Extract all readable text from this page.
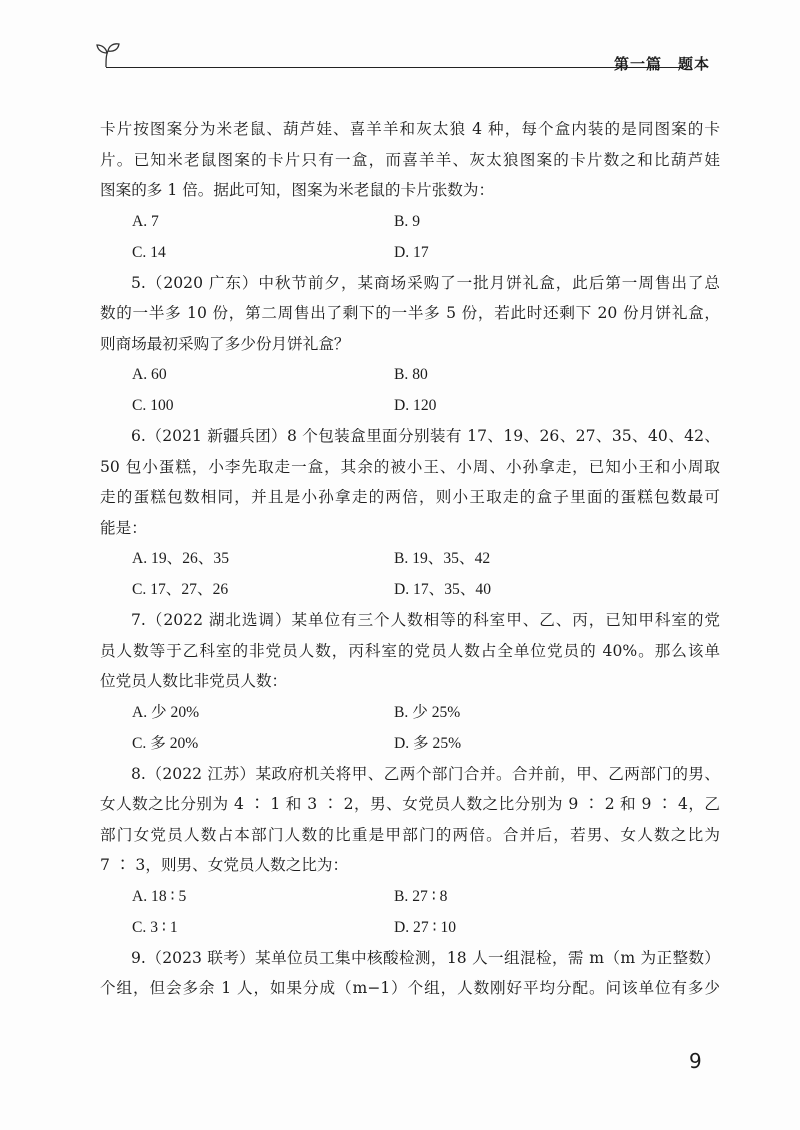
第一篇　题本

卡片按图案分为米老鼠、葫芦娃、喜羊羊和灰太狼 4 种，每个盒内装的是同图案的卡

片。已知米老鼠图案的卡片只有一盒，而喜羊羊、灰太狼图案的卡片数之和比葫芦娃

图案的多 1 倍。据此可知，图案为米老鼠的卡片张数为：

A. 7	B. 9
C. 14	D. 17

5.（2020 广东）中秋节前夕，某商场采购了一批月饼礼盒，此后第一周售出了总

数的一半多 10 份，第二周售出了剩下的一半多 5 份，若此时还剩下 20 份月饼礼盒，

则商场最初采购了多少份月饼礼盒？

A. 60	B. 80
C. 100	D. 120

6.（2021 新疆兵团）8 个包装盒里面分别装有 17、19、26、27、35、40、42、

50 包小蛋糕，小李先取走一盒，其余的被小王、小周、小孙拿走，已知小王和小周取

走的蛋糕包数相同，并且是小孙拿走的两倍，则小王取走的盒子里面的蛋糕包数最可

能是：

A. 19、26、35	B. 19、35、42
C. 17、27、26	D. 17、35、40

7.（2022 湖北选调）某单位有三个人数相等的科室甲、乙、丙，已知甲科室的党

员人数等于乙科室的非党员人数，丙科室的党员人数占全单位党员的 40%。那么该单

位党员人数比非党员人数：

A. 少 20%	B. 少 25%
C. 多 20%	D. 多 25%

8.（2022 江苏）某政府机关将甲、乙两个部门合并。合并前，甲、乙两部门的男、

女人数之比分别为 4 ∶ 1 和 3 ∶ 2，男、女党员人数之比分别为 9 ∶ 2 和 9 ∶ 4，乙

部门女党员人数占本部门人数的比重是甲部门的两倍。合并后，若男、女人数之比为

7 ∶ 3，则男、女党员人数之比为：

A. 18 ∶ 5	B. 27 ∶ 8
C. 3 ∶ 1	D. 27 ∶ 10

9.（2023 联考）某单位员工集中核酸检测，18 人一组混检，需 m（m 为正整数）

个组，但会多余 1 人，如果分成（m−1）个组，人数刚好平均分配。问该单位有多少

9
